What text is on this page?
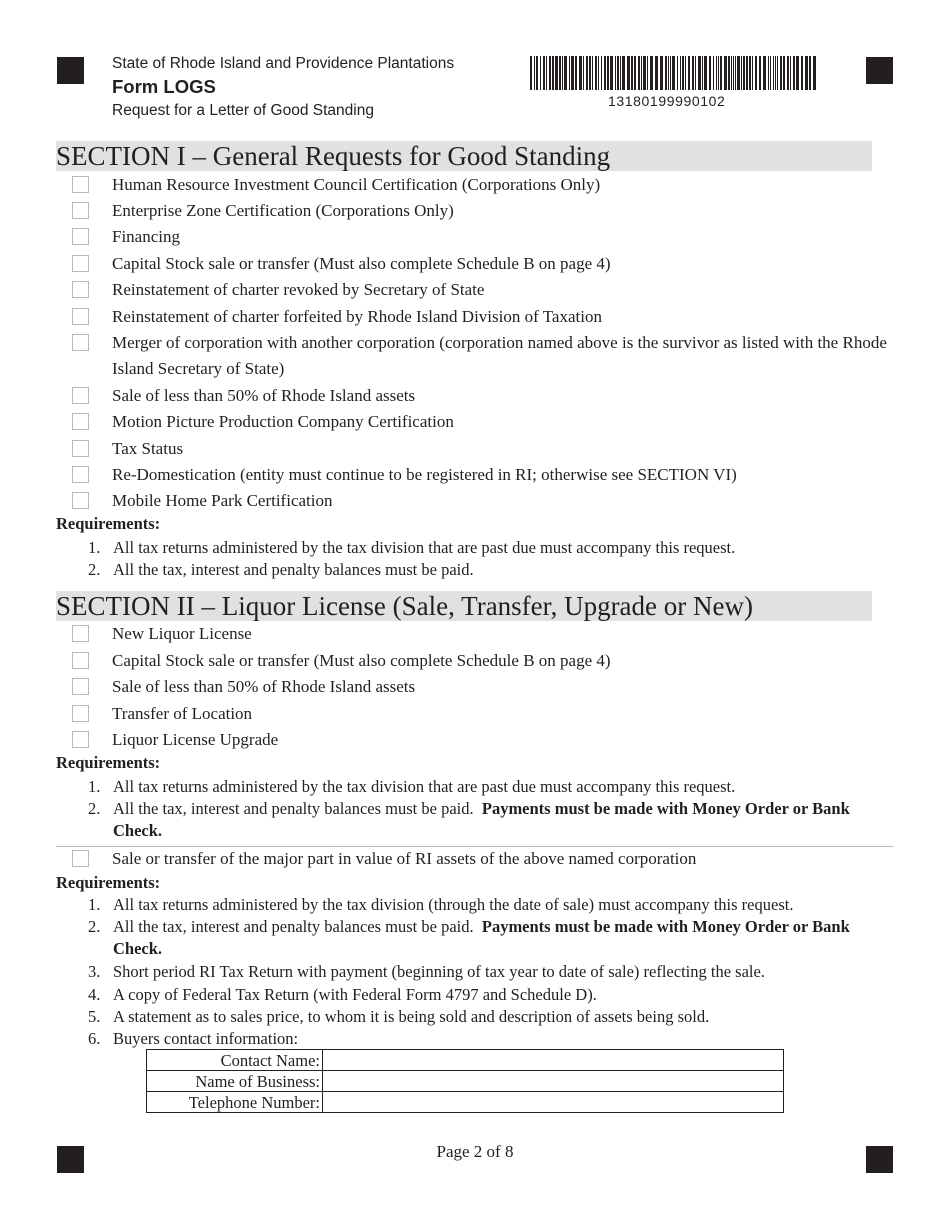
State of Rhode Island and Providence Plantations
Form LOGS
Request for a Letter of Good Standing
13180199990102
SECTION I – General Requests for Good Standing
Human Resource Investment Council Certification (Corporations Only)
Enterprise Zone Certification (Corporations Only)
Financing
Capital Stock sale or transfer (Must also complete Schedule B on page 4)
Reinstatement of charter revoked by Secretary of State
Reinstatement of charter forfeited by Rhode Island Division of Taxation
Merger of corporation with another corporation (corporation named above is the survivor as listed with the Rhode Island Secretary of State)
Sale of less than 50% of Rhode Island assets
Motion Picture Production Company Certification
Tax Status
Re-Domestication (entity must continue to be registered in RI; otherwise see SECTION VI)
Mobile Home Park Certification
Requirements:
1. All tax returns administered by the tax division that are past due must accompany this request.
2. All the tax, interest and penalty balances must be paid.
SECTION II – Liquor License (Sale, Transfer, Upgrade or New)
New Liquor License
Capital Stock sale or transfer (Must also complete Schedule B on page 4)
Sale of less than 50% of Rhode Island assets
Transfer of Location
Liquor License Upgrade
Requirements:
1. All tax returns administered by the tax division that are past due must accompany this request.
2. All the tax, interest and penalty balances must be paid. Payments must be made with Money Order or Bank Check.
Sale or transfer of the major part in value of RI assets of the above named corporation
Requirements:
1. All tax returns administered by the tax division (through the date of sale) must accompany this request.
2. All the tax, interest and penalty balances must be paid. Payments must be made with Money Order or Bank Check.
3. Short period RI Tax Return with payment (beginning of tax year to date of sale) reflecting the sale.
4. A copy of Federal Tax Return (with Federal Form 4797 and Schedule D).
5. A statement as to sales price, to whom it is being sold and description of assets being sold.
6. Buyers contact information:
Contact Name:	
Name of Business:	
Telephone Number:	
Page 2 of 8
